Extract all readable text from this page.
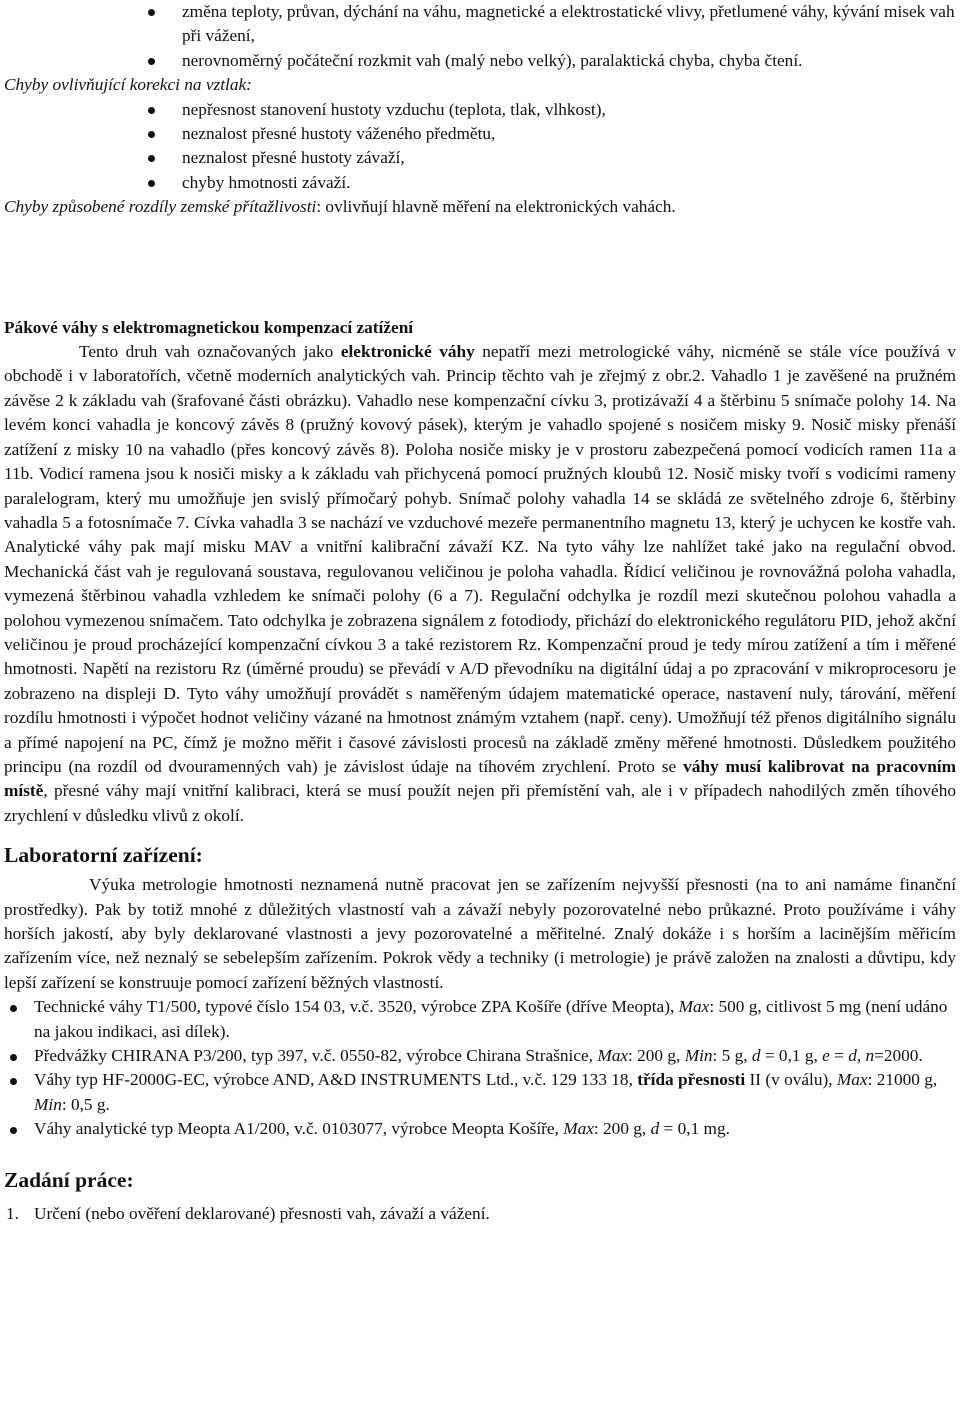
změna teploty, průvan, dýchání na váhu, magnetické a elektrostatické vlivy, přetlumené váhy, kývání misek vah při vážení,
nerovnoměrný počáteční rozkmit vah (malý nebo velký), paralaktická chyba, chyba čtení.
Chyby ovlivňující korekci na vztlak:
nepřesnost stanovení hustoty vzduchu (teplota, tlak, vlhkost),
neznalost přesné hustoty váženého předmětu,
neznalost přesné hustoty závaží,
chyby hmotnosti závaží.
Chyby způsobené rozdíly zemské přítažlivosti: ovlivňují hlavně měření na elektronických vahách.
Pákové váhy s elektromagnetickou kompenzací zatížení
Tento druh vah označovaných jako elektronické váhy nepatří mezi metrologické váhy, nicméně se stále více používá v obchodě i v laboratořích, včetně moderních analytických vah. Princip těchto vah je zřejmý z obr.2. Vahadlo 1 je zavěšené na pružném závěse 2 k základu vah (šrafované části obrázku). Vahadlo nese kompenzační cívku 3, protizávaží 4 a štěrbinu 5 snímače polohy 14. Na levém konci vahadla je koncový závěs 8 (pružný kovový pásek), kterým je vahadlo spojené s nosičem misky 9. Nosič misky přenáší zatížení z misky 10 na vahadlo (přes koncový závěs 8). Poloha nosiče misky je v prostoru zabezpečená pomocí vodicích ramen 11a a 11b. Vodicí ramena jsou k nosiči misky a k základu vah přichycená pomocí pružných kloubů 12. Nosič misky tvoří s vodicími rameny paralelogram, který mu umožňuje jen svislý přímočarý pohyb. Snímač polohy vahadla 14 se skládá ze světelného zdroje 6, štěrbiny vahadla 5 a fotosnímače 7. Cívka vahadla 3 se nachází ve vzduchové mezeře permanentního magnetu 13, který je uchycen ke kostře vah. Analytické váhy pak mají misku MAV a vnitřní kalibrační závaží KZ. Na tyto váhy lze nahlížet také jako na regulační obvod. Mechanická část vah je regulovaná soustava, regulovanou veličinou je poloha vahadla. Řídicí veličinou je rovnovážná poloha vahadla, vymezená štěrbinou vahadla vzhledem ke snímači polohy (6 a 7). Regulační odchylka je rozdíl mezi skutečnou polohou vahadla a polohou vymezenou snímačem. Tato odchylka je zobrazena signálem z fotodiody, přichází do elektronického regulátoru PID, jehož akční veličinou je proud procházející kompenzační cívkou 3 a také rezistorem Rz. Kompenzační proud je tedy mírou zatížení a tím i měřené hmotnosti. Napětí na rezistoru Rz (úměrné proudu) se převádí v A/D převodníku na digitální údaj a po zpracování v mikroprocesoru je zobrazeno na displeji D. Tyto váhy umožňují provádět s naměřeným údajem matematické operace, nastavení nuly, tárování, měření rozdílu hmotnosti i výpočet hodnot veličiny vázané na hmotnost známým vztahem (např. ceny). Umožňují též přenos digitálního signálu a přímé napojení na PC, čímž je možno měřit i časové závislosti procesů na základě změny měřené hmotnosti. Důsledkem použitého principu (na rozdíl od dvouramenných vah) je závislost údaje na tíhovém zrychlení. Proto se váhy musí kalibrovat na pracovním místě, přesné váhy mají vnitřní kalibraci, která se musí použít nejen při přemístění vah, ale i v případech nahodilých změn tíhového zrychlení v důsledku vlivů z okolí.
Laboratorní zařízení:
Výuka metrologie hmotnosti neznamená nutně pracovat jen se zařízením nejvyšší přesnosti (na to ani namáme finanční prostředky). Pak by totiž mnohé z důležitých vlastností vah a závaží nebyly pozorovatelné nebo průkazné. Proto používáme i váhy horších jakostí, aby byly deklarované vlastnosti a jevy pozorovatelné a měřitelné. Znalý dokáže i s horším a lacinějším měřicím zařízením více, než neznalý se sebelepším zařízením. Pokrok vědy a techniky (i metrologie) je právě založen na znalosti a důvtipu, kdy lepší zařízení se konstruuje pomocí zařízení běžných vlastností.
Technické váhy T1/500, typové číslo 154 03, v.č. 3520, výrobce ZPA Košíře (dříve Meopta), Max: 500 g, citlivost 5 mg (není udáno na jakou indikaci, asi dílek).
Předvážky CHIRANA P3/200, typ 397, v.č. 0550-82, výrobce Chirana Strašnice, Max: 200 g, Min: 5 g, d = 0,1 g, e = d, n=2000.
Váhy typ HF-2000G-EC, výrobce AND, A&D INSTRUMENTS Ltd., v.č. 129 133 18, třída přesnosti II (v oválu), Max: 21000 g, Min: 0,5 g.
Váhy analytické typ Meopta A1/200, v.č. 0103077, výrobce Meopta Košíře, Max: 200 g, d = 0,1 mg.
Zadání práce:
1. Určení (nebo ověření deklarované) přesnosti vah, závaží a vážení.
